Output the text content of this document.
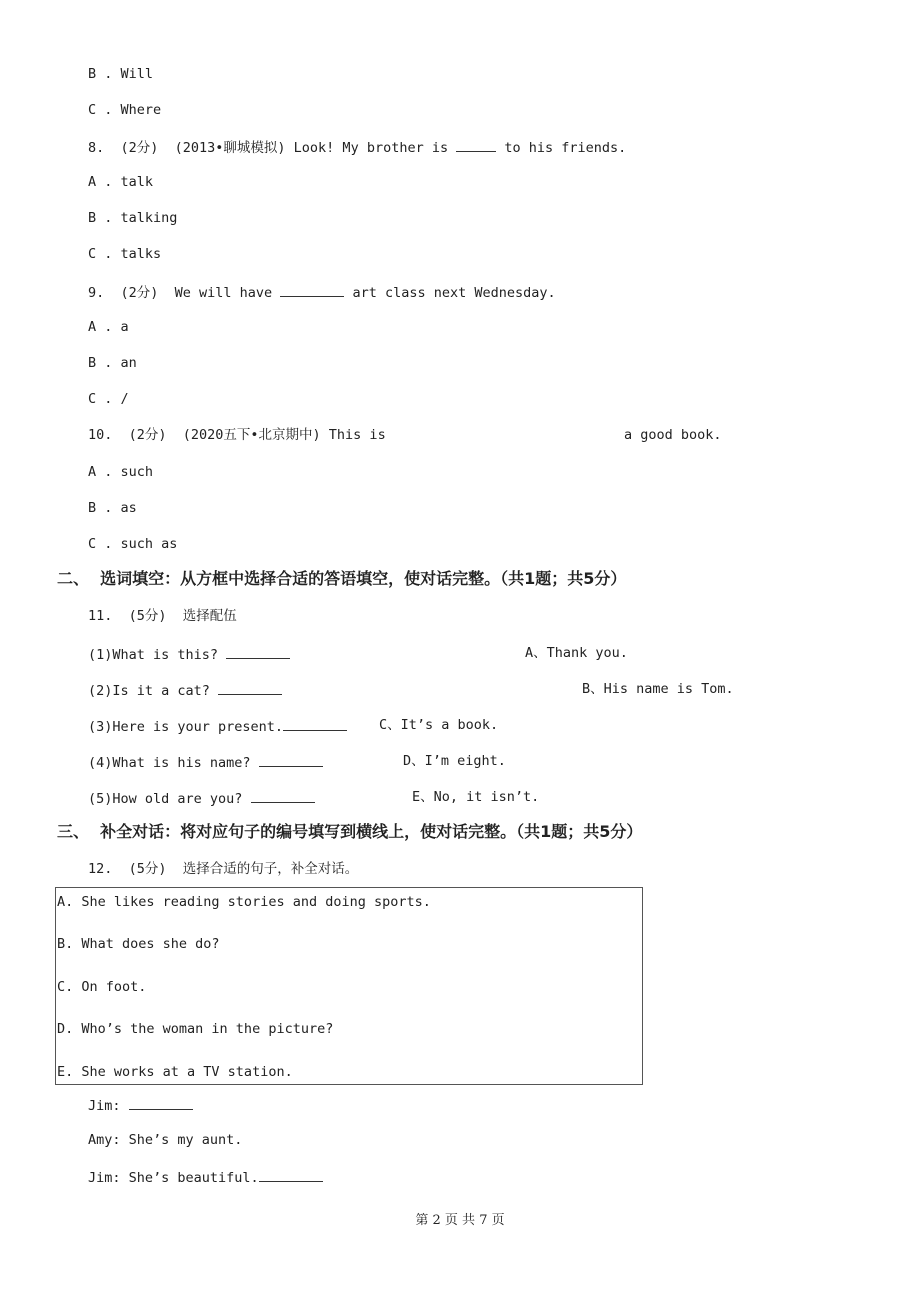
B . Will
C . Where
8.  (2分)  (2013•聊城模拟) Look! My brother is	to his friends.
A . talk
B . talking
C . talks
9.  (2分)  We will have	art class next Wednesday.
A . a
B . an
C . /
10.  (2分)  (2020五下•北京期中) This is	a good book.
A . such
B . as
C . such as
二、  选词填空：从方框中选择合适的答语填空，使对话完整。（共1题；共5分）
11.  (5分)  选择配伍
(1)What is this?	A、Thank you.
(2)Is it a cat?	B、His name is Tom.
(3)Here is your present.	C、It’s a book.
(4)What is his name?	D、I’m eight.
(5)How old are you?	E、No, it isn’t.
三、  补全对话：将对应句子的编号填写到横线上，使对话完整。（共1题；共5分）
12.  (5分)  选择合适的句子，补全对话。
A. She likes reading stories and doing sports.
B. What does she do?
C. On foot.
D. Who’s the woman in the picture?
E. She works at a TV station.
Jim:
Amy: She’s my aunt.
Jim: She’s beautiful.
第 2 页 共 7 页
